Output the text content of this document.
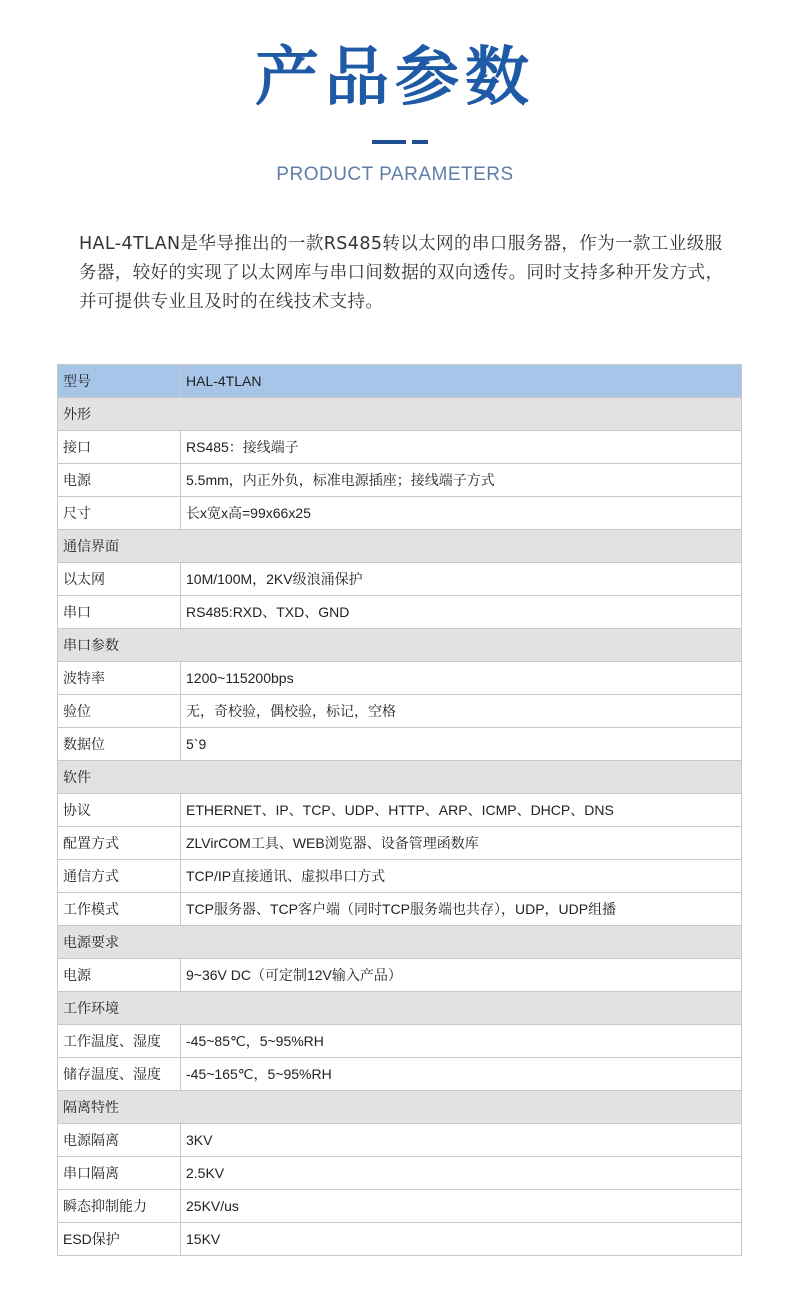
产品参数
PRODUCT PARAMETERS

HAL-4TLAN是华导推出的一款RS485转以太网的串口服务器，作为一款工业级服务器，较好的实现了以太网库与串口间数据的双向透传。同时支持多种开发方式，并可提供专业且及时的在线技术支持。

型号	HAL-4TLAN
外形	
接口	RS485：接线端子
电源	5.5mm，内正外负，标准电源插座；接线端子方式
尺寸	长x宽x高=99x66x25
通信界面	
以太网	10M/100M，2KV级浪涌保护
串口	RS485:RXD、TXD、GND
串口参数	
波特率	1200~115200bps
验位	无，奇校验，偶校验，标记，空格
数据位	5`9
软件	
协议	ETHERNET、IP、TCP、UDP、HTTP、ARP、ICMP、DHCP、DNS
配置方式	ZLVirCOM工具、WEB浏览器、设备管理函数库
通信方式	TCP/IP直接通讯、虚拟串口方式
工作模式	TCP服务器、TCP客户端（同时TCP服务端也共存），UDP，UDP组播
电源要求	
电源	9~36V DC（可定制12V输入产品）
工作环境	
工作温度、湿度	-45~85℃，5~95%RH
储存温度、湿度	-45~165℃，5~95%RH
隔离特性	
电源隔离	3KV
串口隔离	2.5KV
瞬态抑制能力	25KV/us
ESD保护	15KV
